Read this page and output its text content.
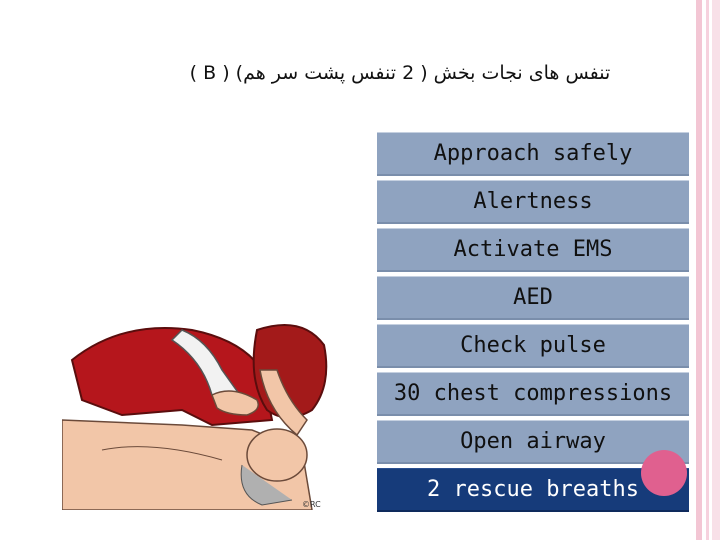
تنفس های نجات بخش ( 2 تنفس پشت سر هم) ( B )
©RC
Approach safely
Alertness
Activate EMS
AED
Check pulse
30 chest compressions
Open airway
2 rescue breaths
